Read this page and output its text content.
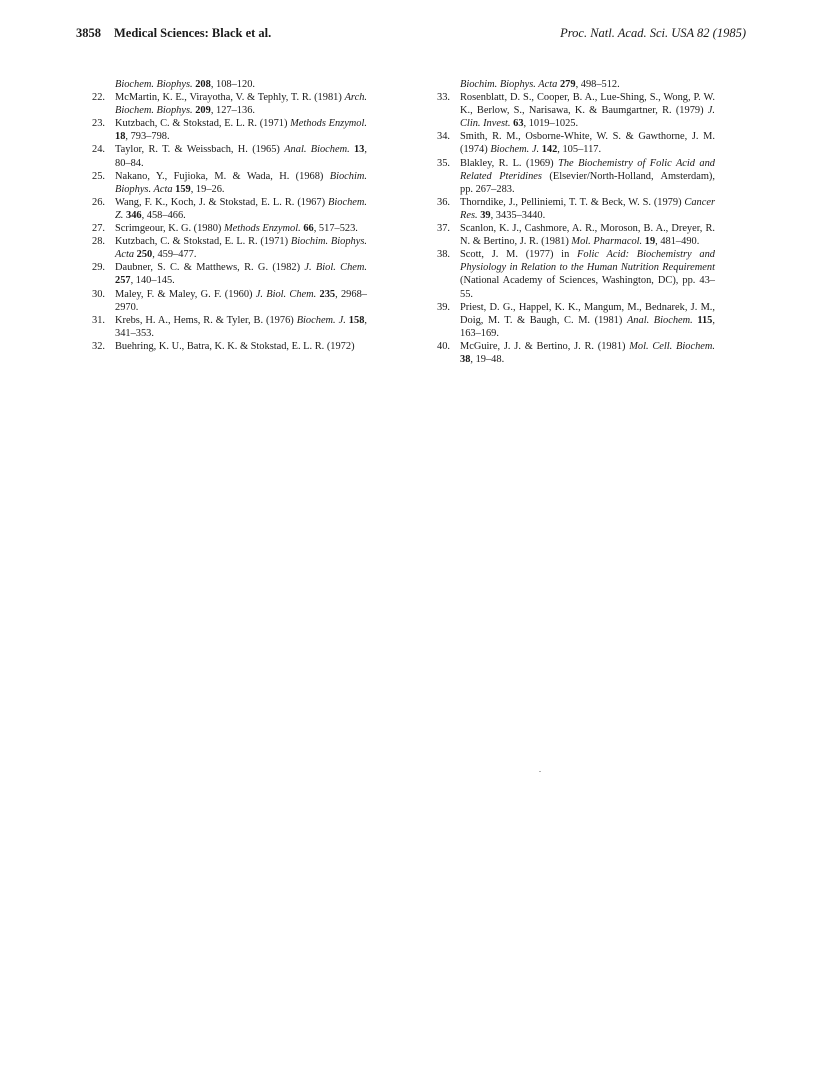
3858 Medical Sciences: Black et al.	Proc. Natl. Acad. Sci. USA 82 (1985)

Biochem. Biophys. 208, 108–120.

22. McMartin, K. E., Virayotha, V. & Tephly, T. R. (1981) Arch. Biochem. Biophys. 209, 127–136.

23. Kutzbach, C. & Stokstad, E. L. R. (1971) Methods Enzymol. 18, 793–798.

24. Taylor, R. T. & Weissbach, H. (1965) Anal. Biochem. 13, 80–84.

25. Nakano, Y., Fujioka, M. & Wada, H. (1968) Biochim. Biophys. Acta 159, 19–26.

26. Wang, F. K., Koch, J. & Stokstad, E. L. R. (1967) Biochem. Z. 346, 458–466.

27. Scrimgeour, K. G. (1980) Methods Enzymol. 66, 517–523.

28. Kutzbach, C. & Stokstad, E. L. R. (1971) Biochim. Biophys. Acta 250, 459–477.

29. Daubner, S. C. & Matthews, R. G. (1982) J. Biol. Chem. 257, 140–145.

30. Maley, F. & Maley, G. F. (1960) J. Biol. Chem. 235, 2968–2970.

31. Krebs, H. A., Hems, R. & Tyler, B. (1976) Biochem. J. 158, 341–353.

32. Buehring, K. U., Batra, K. K. & Stokstad, E. L. R. (1972)

Biochim. Biophys. Acta 279, 498–512.

33. Rosenblatt, D. S., Cooper, B. A., Lue-Shing, S., Wong, P. W. K., Berlow, S., Narisawa, K. & Baumgartner, R. (1979) J. Clin. Invest. 63, 1019–1025.

34. Smith, R. M., Osborne-White, W. S. & Gawthorne, J. M. (1974) Biochem. J. 142, 105–117.

35. Blakley, R. L. (1969) The Biochemistry of Folic Acid and Related Pteridines (Elsevier/North-Holland, Amsterdam), pp. 267–283.

36. Thorndike, J., Pelliniemi, T. T. & Beck, W. S. (1979) Cancer Res. 39, 3435–3440.

37. Scanlon, K. J., Cashmore, A. R., Moroson, B. A., Dreyer, R. N. & Bertino, J. R. (1981) Mol. Pharmacol. 19, 481–490.

38. Scott, J. M. (1977) in Folic Acid: Biochemistry and Physiology in Relation to the Human Nutrition Requirement (National Academy of Sciences, Washington, DC), pp. 43–55.

39. Priest, D. G., Happel, K. K., Mangum, M., Bednarek, J. M., Doig, M. T. & Baugh, C. M. (1981) Anal. Biochem. 115, 163–169.

40. McGuire, J. J. & Bertino, J. R. (1981) Mol. Cell. Biochem. 38, 19–48.
